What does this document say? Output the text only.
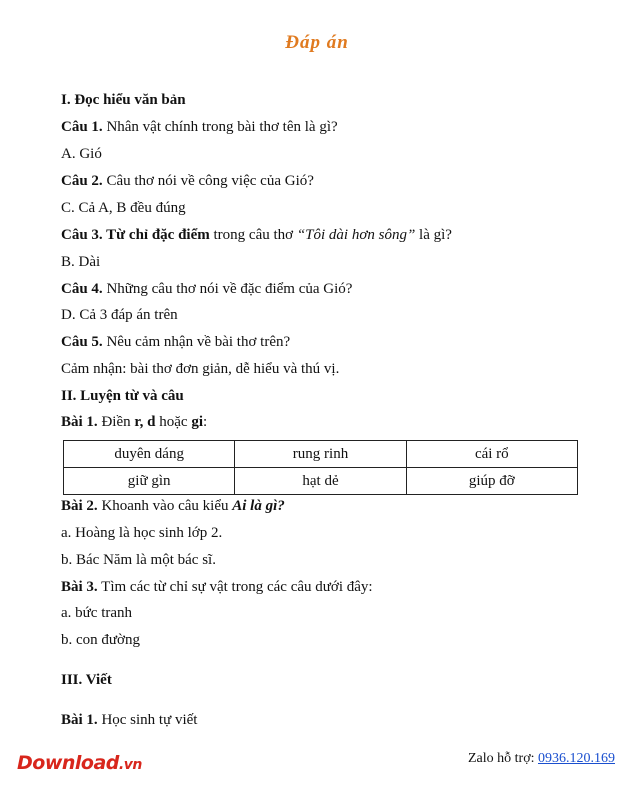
Đáp án
I. Đọc hiểu văn bản
Câu 1. Nhân vật chính trong bài thơ tên là gì?
A. Gió
Câu 2. Câu thơ nói về công việc của Gió?
C. Cả A, B đều đúng
Câu 3. Từ chỉ đặc điểm trong câu thơ “Tôi dài hơn sông” là gì?
B. Dài
Câu 4. Những câu thơ nói về đặc điểm của Gió?
D. Cả 3 đáp án trên
Câu 5. Nêu cảm nhận về bài thơ trên?
Cảm nhận: bài thơ đơn giản, dễ hiểu và thú vị.
II. Luyện từ và câu
Bài 1. Điền r, d hoặc gi:
duyên dáng	rung rinh	cái rổ
giữ gìn	hạt dẻ	giúp đỡ
Bài 2. Khoanh vào câu kiểu Ai là gì?
a. Hoàng là học sinh lớp 2.
b. Bác Năm là một bác sĩ.
Bài 3. Tìm các từ chỉ sự vật trong các câu dưới đây:
a. bức tranh
b. con đường
III. Viết
Bài 1. Học sinh tự viết
Download.vn	Zalo hỗ trợ: 0936.120.169
